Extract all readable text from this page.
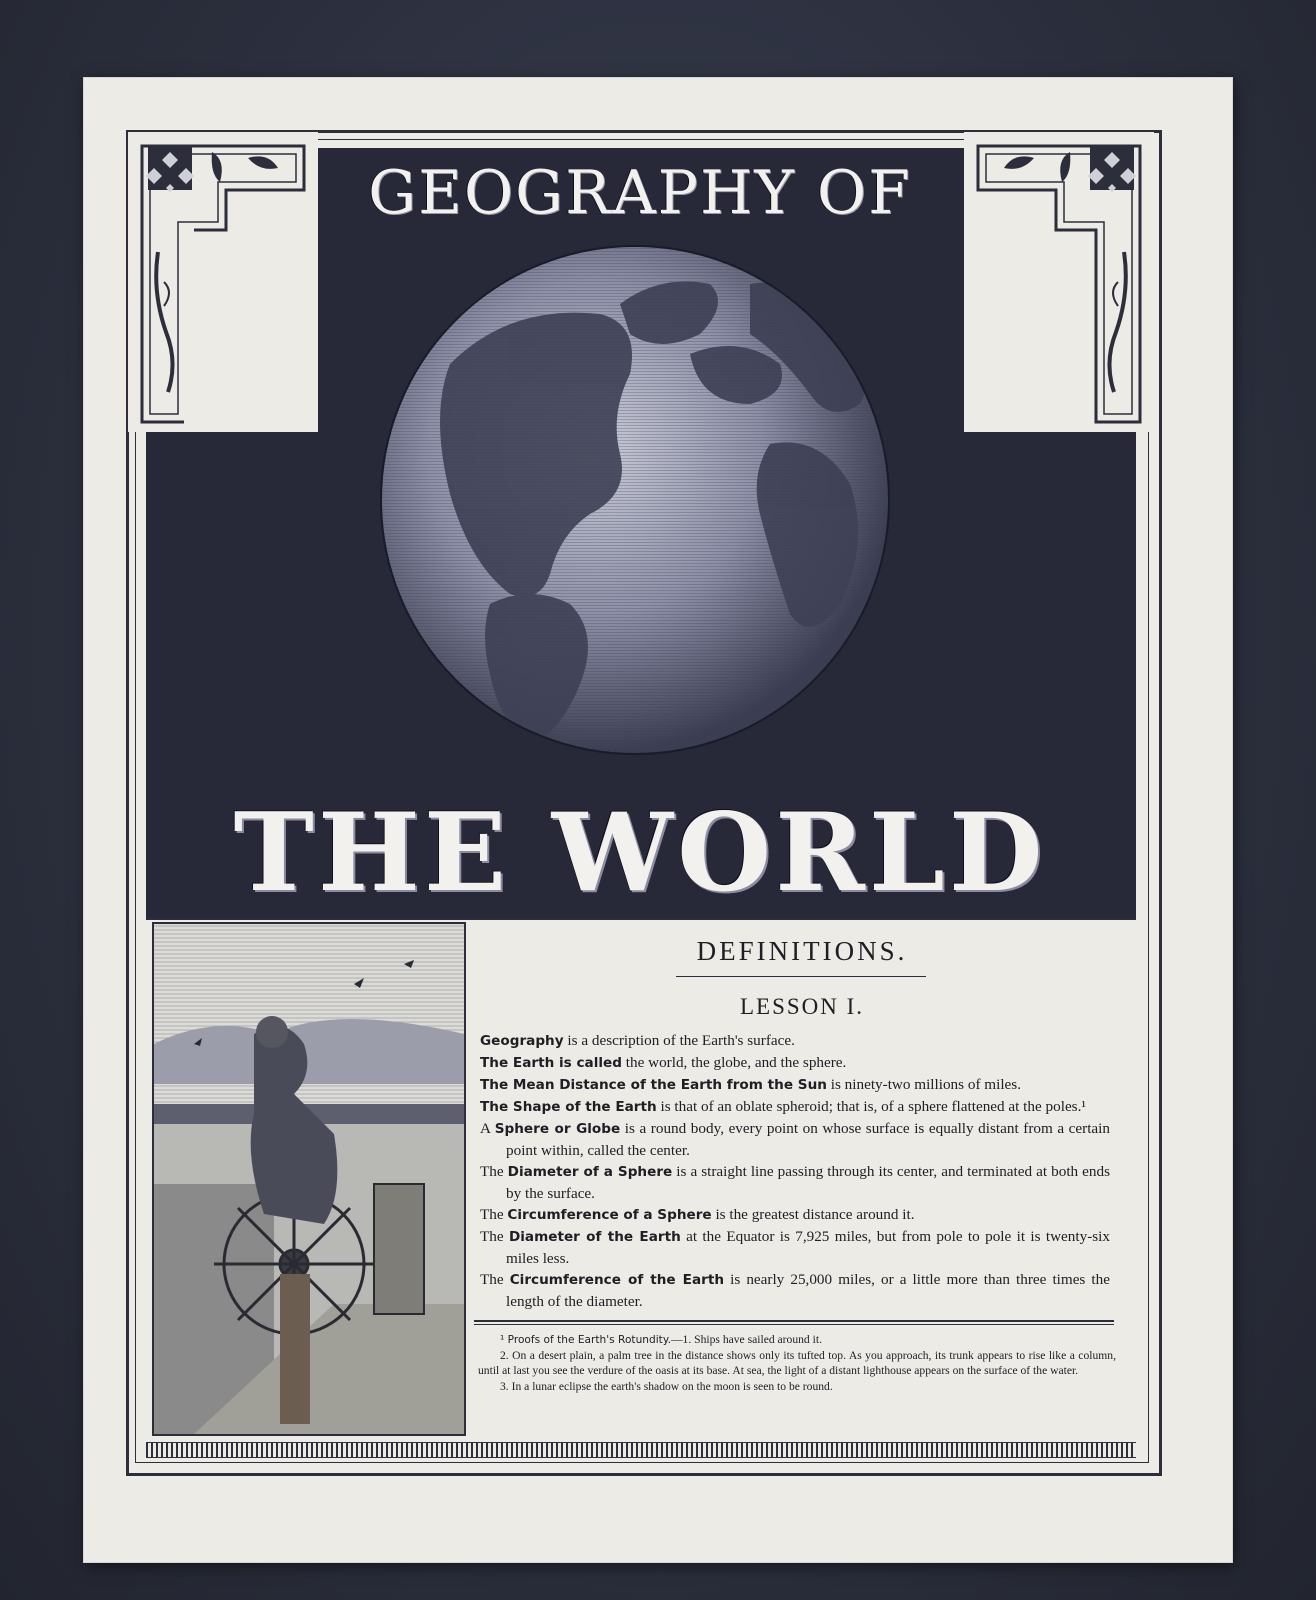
GEOGRAPHY OF
THE WORLD
DEFINITIONS.
LESSON I.
Geography is a description of the Earth's surface.
The Earth is called the world, the globe, and the sphere.
The Mean Distance of the Earth from the Sun is ninety-two millions of miles.
The Shape of the Earth is that of an oblate spheroid; that is, of a sphere flattened at the poles.¹
A Sphere or Globe is a round body, every point on whose surface is equally distant from a certain point within, called the center.
The Diameter of a Sphere is a straight line passing through its center, and terminated at both ends by the surface.
The Circumference of a Sphere is the greatest distance around it.
The Diameter of the Earth at the Equator is 7,925 miles, but from pole to pole it is twenty-six miles less.
The Circumference of the Earth is nearly 25,000 miles, or a little more than three times the length of the diameter.

¹ Proofs of the Earth's Rotundity.—1. Ships have sailed around it.

2. On a desert plain, a palm tree in the distance shows only its tufted top. As you approach, its trunk appears to rise like a column, until at last you see the verdure of the oasis at its base. At sea, the light of a distant lighthouse appears on the surface of the water.

3. In a lunar eclipse the earth's shadow on the moon is seen to be round.
